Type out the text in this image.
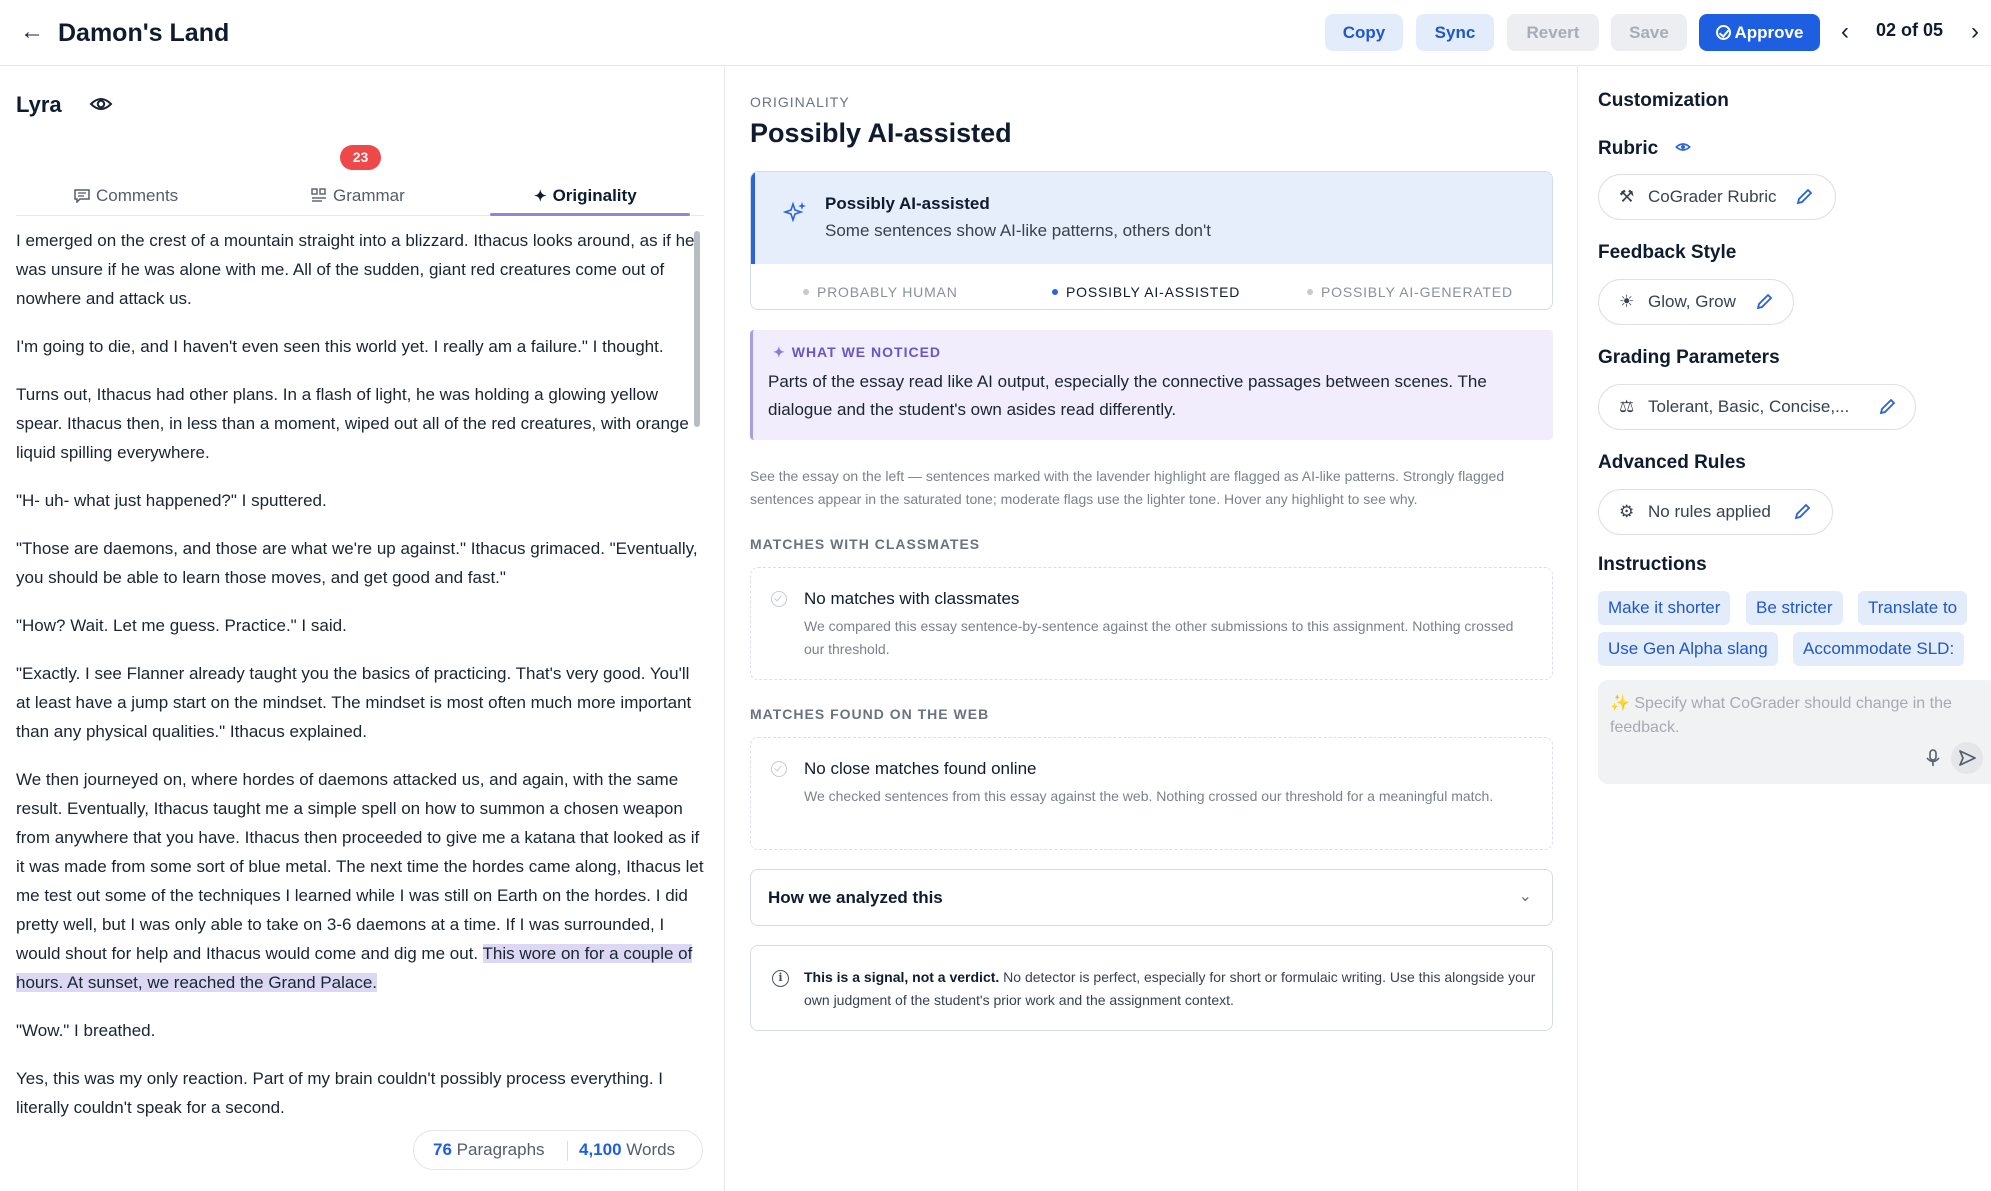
← Damon's Land	Copy	Sync	Revert	Save	Approve	‹ 02 of 05 ›
Lyra
23
Comments	Grammar	✦ Originality

I emerged on the crest of a mountain straight into a blizzard. Ithacus looks around, as if he was unsure if he was alone with me. All of the sudden, giant red creatures come out of nowhere and attack us.

I'm going to die, and I haven't even seen this world yet. I really am a failure." I thought.

Turns out, Ithacus had other plans. In a flash of light, he was holding a glowing yellow spear. Ithacus then, in less than a moment, wiped out all of the red creatures, with orange liquid spilling everywhere.

"H- uh- what just happened?" I sputtered.

"Those are daemons, and those are what we're up against." Ithacus grimaced. "Eventually, you should be able to learn those moves, and get good and fast."

"How? Wait. Let me guess. Practice." I said.

"Exactly. I see Flanner already taught you the basics of practicing. That's very good. You'll at least have a jump start on the mindset. The mindset is most often much more important than any physical qualities." Ithacus explained.

We then journeyed on, where hordes of daemons attacked us, and again, with the same result. Eventually, Ithacus taught me a simple spell on how to summon a chosen weapon from anywhere that you have. Ithacus then proceeded to give me a katana that looked as if it was made from some sort of blue metal. The next time the hordes came along, Ithacus let me test out some of the techniques I learned while I was still on Earth on the hordes. I did pretty well, but I was only able to take on 3-6 daemons at a time. If I was surrounded, I would shout for help and Ithacus would come and dig me out. This wore on for a couple of hours. At sunset, we reached the Grand Palace.

"Wow." I breathed.

Yes, this was my only reaction. Part of my brain couldn't possibly process everything. I literally couldn't speak for a second.

76 Paragraphs 4,100 Words
ORIGINALITY
Possibly AI-assisted
Possibly AI-assisted
Some sentences show AI-like patterns, others don't
PROBABLY HUMAN	POSSIBLY AI-ASSISTED	POSSIBLY AI-GENERATED
✦ WHAT WE NOTICED
Parts of the essay read like AI output, especially the connective passages between scenes. The dialogue and the student's own asides read differently.
See the essay on the left — sentences marked with the lavender highlight are flagged as AI-like patterns. Strongly flagged sentences appear in the saturated tone; moderate flags use the lighter tone. Hover any highlight to see why.
MATCHES WITH CLASSMATES
No matches with classmates
We compared this essay sentence-by-sentence against the other submissions to this assignment. Nothing crossed our threshold.
MATCHES FOUND ON THE WEB
No close matches found online
We checked sentences from this essay against the web. Nothing crossed our threshold for a meaningful match.
How we analyzed this	⌄
i	This is a signal, not a verdict. No detector is perfect, especially for short or formulaic writing. Use this alongside your own judgment of the student's prior work and the assignment context.
Customization
Rubric
⚒ CoGrader Rubric
Feedback Style
☀ Glow, Grow
Grading Parameters
⚖ Tolerant, Basic, Concise,...
Advanced Rules
⚙ No rules applied
Instructions
Make it shorter	Be stricter	Translate to
Use Gen Alpha slang	Accommodate SLD:
✨ Specify what CoGrader should change in the feedback.
